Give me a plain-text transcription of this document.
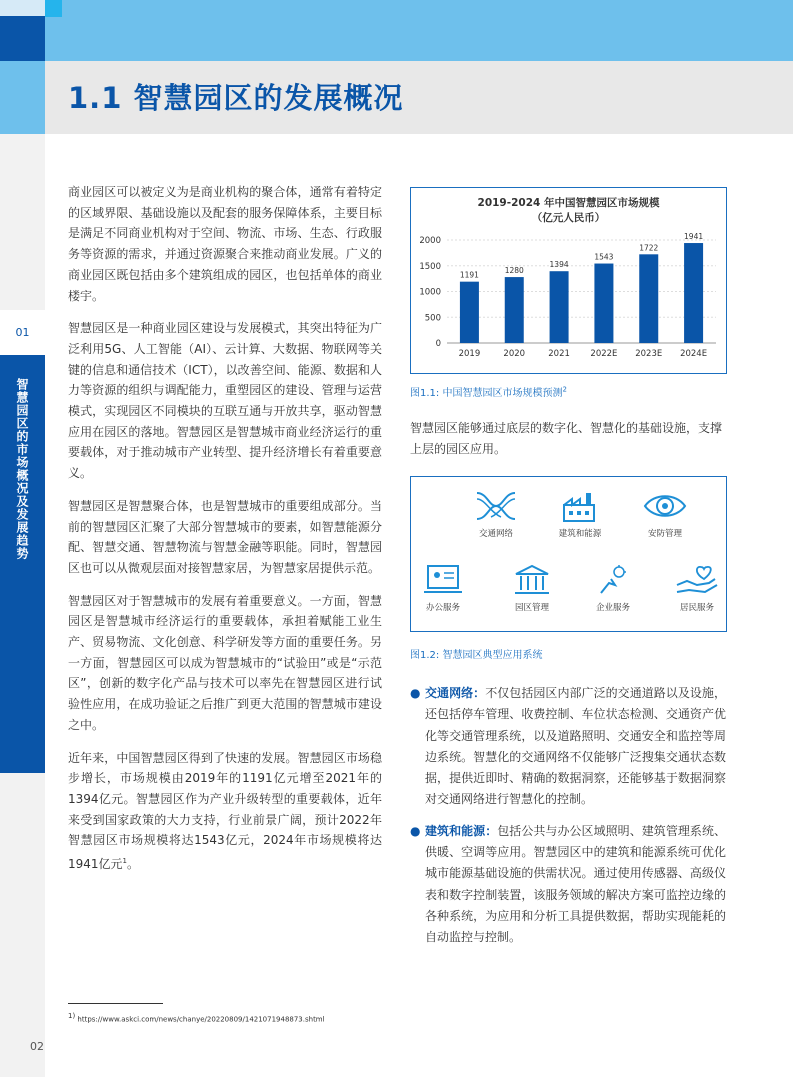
1.1 智慧园区的发展概况
01
智慧园区的市场概况及发展趋势

商业园区可以被定义为是商业机构的聚合体，通常有着特定的区域界限、基础设施以及配套的服务保障体系，主要目标是满足不同商业机构对于空间、物流、市场、生态、行政服务等资源的需求，并通过资源聚合来推动商业发展。广义的商业园区既包括由多个建筑组成的园区，也包括单体的商业楼宇。

智慧园区是一种商业园区建设与发展模式，其突出特征为广泛利用5G、人工智能（AI）、云计算、大数据、物联网等关键的信息和通信技术（ICT），以改善空间、能源、数据和人力等资源的组织与调配能力，重塑园区的建设、管理与运营模式，实现园区不同模块的互联互通与开放共享，驱动智慧应用在园区的落地。智慧园区是智慧城市商业经济运行的重要载体，对于推动城市产业转型、提升经济增长有着重要意义。

智慧园区是智慧聚合体，也是智慧城市的重要组成部分。当前的智慧园区汇聚了大部分智慧城市的要素，如智慧能源分配、智慧交通、智慧物流与智慧金融等职能。同时，智慧园区也可以从微观层面对接智慧家居，为智慧家居提供示范。

智慧园区对于智慧城市的发展有着重要意义。一方面，智慧园区是智慧城市经济运行的重要载体，承担着赋能工业生产、贸易物流、文化创意、科学研发等方面的重要任务。另一方面，智慧园区可以成为智慧城市的“试验田”或是“示范区”，创新的数字化产品与技术可以率先在智慧园区进行试验性应用，在成功验证之后推广到更大范围的智慧城市建设之中。

近年来，中国智慧园区得到了快速的发展。智慧园区市场稳步增长，市场规模由2019年的1191亿元增至2021年的1394亿元。智慧园区作为产业升级转型的重要载体，近年来受到国家政策的大力支持，行业前景广阔，预计2022年智慧园区市场规模将达1543亿元，2024年市场规模将达1941亿元$^1$。

2019-2024 年中国智慧园区市场规模
（亿元人民币）
0
500
1000
1500
2000
1191
2019
1280
2020
1394
2021
1543
2022E
1722
2023E
1941
2024E
图1.1: 中国智慧园区市场规模预测$^2$
智慧园区能够通过底层的数字化、智慧化的基础设施，支撑上层的园区应用。
交通网络	建筑和能源	安防管理
办公服务	园区管理	企业服务	居民服务
图1.2: 智慧园区典型应用系统
● 交通网络：不仅包括园区内部广泛的交通道路以及设施，还包括停车管理、收费控制、车位状态检测、交通资产优化等交通管理系统，以及道路照明、交通安全和监控等周边系统。智慧化的交通网络不仅能够广泛搜集交通状态数据，提供近即时、精确的数据洞察，还能够基于数据洞察对交通网络进行智慧化的控制。
● 建筑和能源：包括公共与办公区域照明、建筑管理系统、供暖、空调等应用。智慧园区中的建筑和能源系统可优化城市能源基础设施的供需状况。通过使用传感器、高级仪表和数字控制装置，该服务领域的解决方案可监控边缘的各种系统，为应用和分析工具提供数据，帮助实现能耗的自动监控与控制。
$^{1)}$ https://www.askci.com/news/chanye/20220809/1421071948873.shtml
02
